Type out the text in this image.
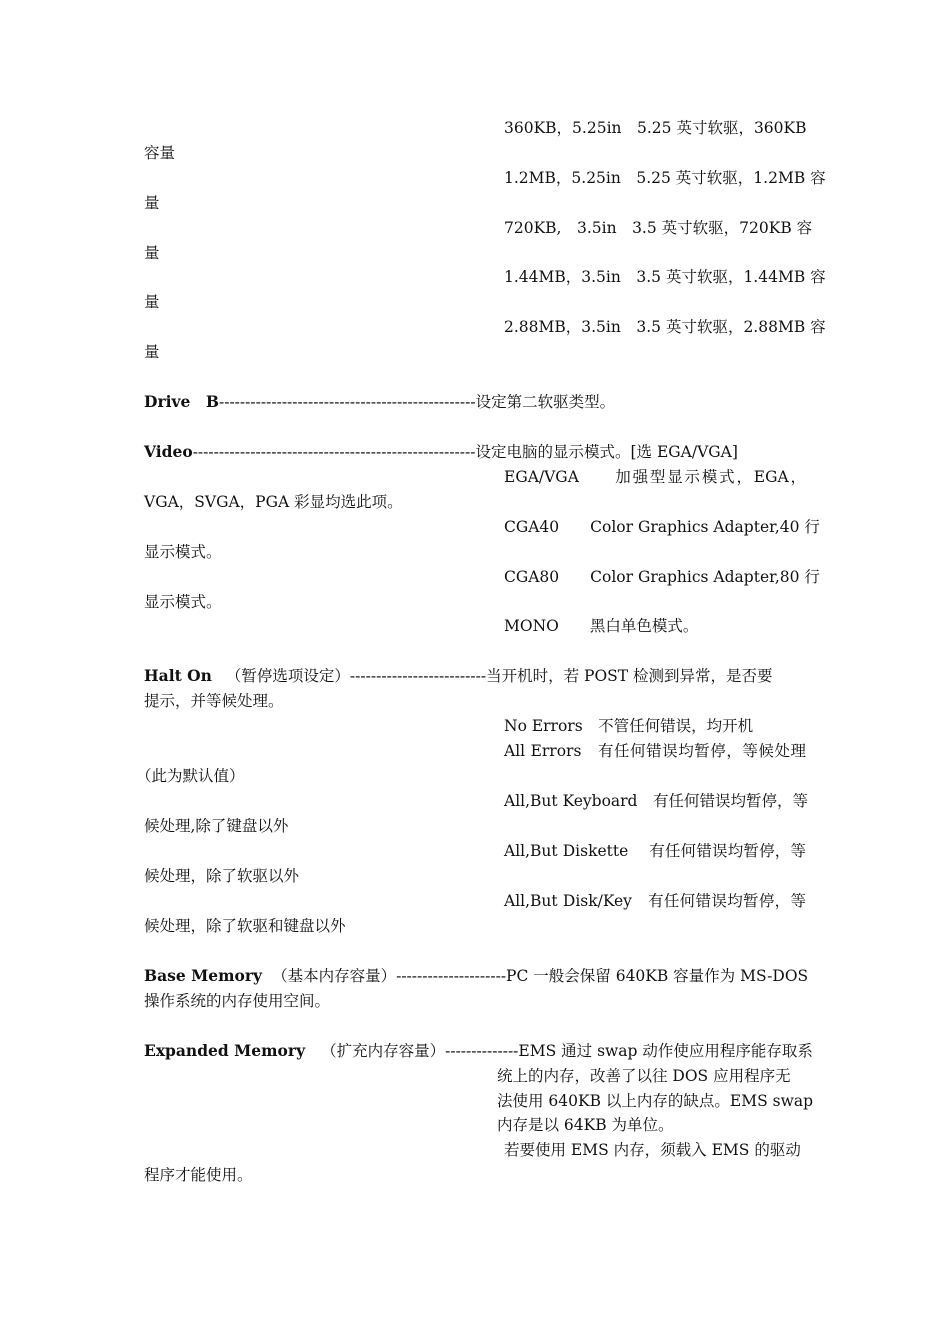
360KB，5.25in　5.25 英寸软驱，360KB
容量
1.2MB，5.25in　5.25 英寸软驱，1.2MB 容
量
720KB,　3.5in　3.5 英寸软驱，720KB 容
量
1.44MB，3.5in　3.5 英寸软驱，1.44MB 容
量
2.88MB，3.5in　3.5 英寸软驱，2.88MB 容
量
Drive　B-------------------------------------------------设定第二软驱类型。
Video------------------------------------------------------设定电脑的显示模式。[选 EGA/VGA]
EGA/VGA　　加强型显示模式，EGA，
VGA，SVGA，PGA 彩显均选此项。
CGA40　　Color Graphics Adapter,40 行
显示模式。
CGA80　　Color Graphics Adapter,80 行
显示模式。
MONO　　黑白单色模式。
Halt On （暂停选项设定）--------------------------当开机时，若 POST 检测到异常，是否要
提示，并等候处理。
No Errors　不管任何错误，均开机
All Errors　有任何错误均暂停，等候处理
（此为默认值）
All,But Keyboard　有任何错误均暂停，等
候处理,除了键盘以外
All,But Diskette　 有任何错误均暂停，等
候处理，除了软驱以外
All,But Disk/Key　有任何错误均暂停，等
候处理，除了软驱和键盘以外
Base Memory （基本内存容量）---------------------PC 一般会保留 640KB 容量作为 MS-DOS
操作系统的内存使用空间。
Expanded Memory （扩充内存容量）--------------EMS 通过 swap 动作使应用程序能存取系
统上的内存，改善了以往 DOS 应用程序无
法使用 640KB 以上内存的缺点。EMS swap
内存是以 64KB 为单位。
若要使用 EMS 内存，须载入 EMS 的驱动
程序才能使用。
